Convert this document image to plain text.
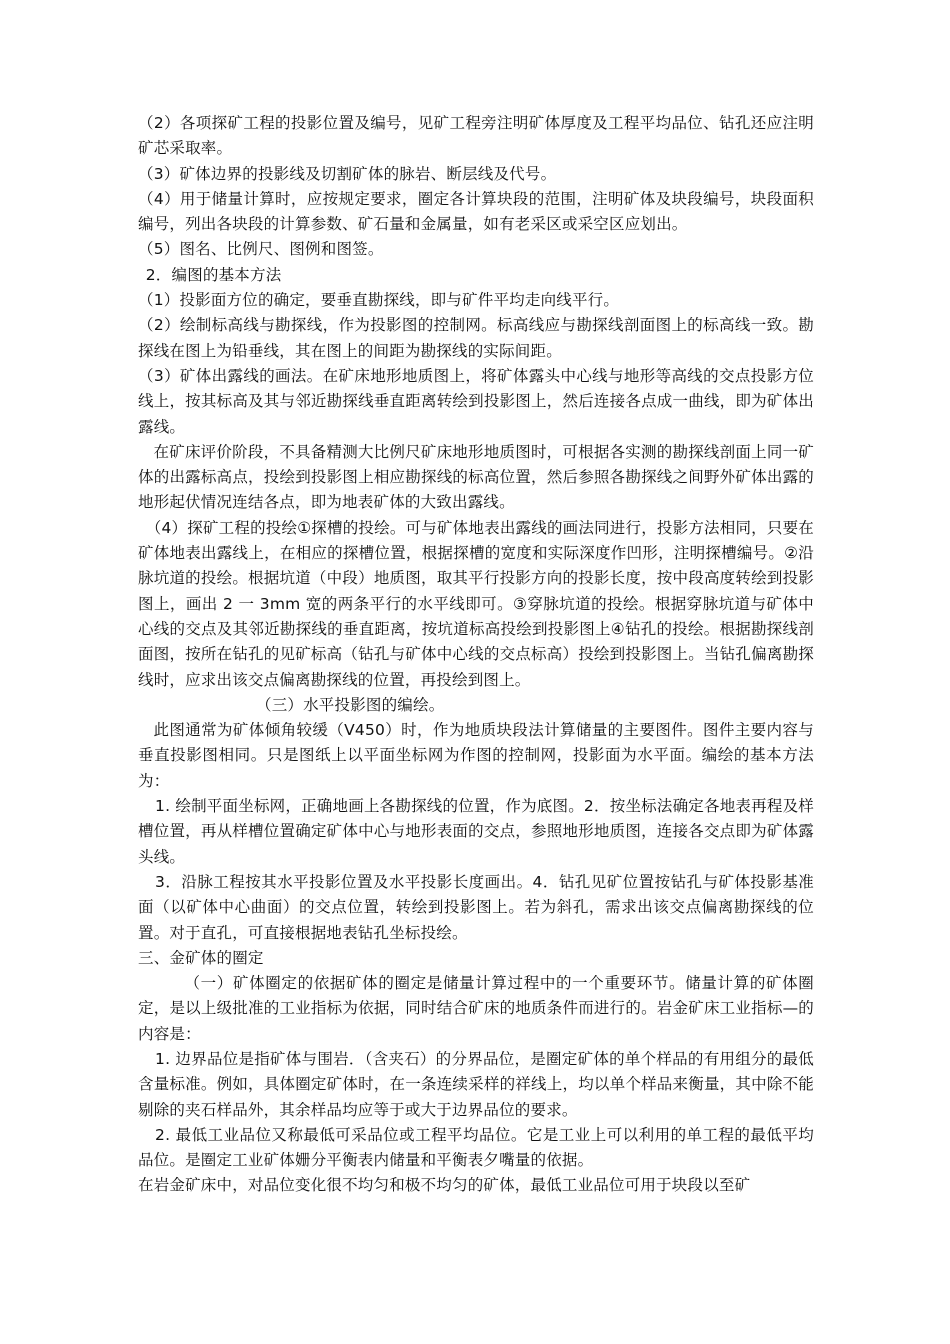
（2）各项探矿工程的投影位置及编号，见矿工程旁注明矿体厚度及工程平均品位、钻孔还应注明矿芯采取率。

（3）矿体边界的投影线及切割矿体的脉岩、断层线及代号。

（4）用于储量计算时，应按规定要求，圈定各计算块段的范围，注明矿体及块段编号，块段面积编号，列出各块段的计算参数、矿石量和金属量，如有老采区或采空区应划出。

（5）图名、比例尺、图例和图签。

2．编图的基本方法

（1）投影面方位的确定，要垂直勘探线，即与矿件平均走向线平行。

（2）绘制标高线与勘探线，作为投影图的控制网。标高线应与勘探线剖面图上的标高线一致。勘探线在图上为铅垂线，其在图上的间距为勘探线的实际间距。

（3）矿体出露线的画法。在矿床地形地质图上，将矿体露头中心线与地形等高线的交点投影方位线上，按其标高及其与邻近勘探线垂直距离转绘到投影图上，然后连接各点成一曲线，即为矿体出露线。

在矿床评价阶段，不具备精测大比例尺矿床地形地质图时，可根据各实测的勘探线剖面上同一矿体的出露标高点，投绘到投影图上相应勘探线的标高位置，然后参照各勘探线之间野外矿体出露的地形起伏情况连结各点，即为地表矿体的大致出露线。

（4）探矿工程的投绘①探槽的投绘。可与矿体地表出露线的画法同进行，投影方法相同，只要在矿体地表出露线上，在相应的探槽位置，根据探槽的宽度和实际深度作凹形，注明探槽编号。②沿脉坑道的投绘。根据坑道（中段）地质图，取其平行投影方向的投影长度，按中段高度转绘到投影图上，画出 2 一 3mm 宽的两条平行的水平线即可。③穿脉坑道的投绘。根据穿脉坑道与矿体中心线的交点及其邻近勘探线的垂直距离，按坑道标高投绘到投影图上④钻孔的投绘。根据勘探线剖面图，按所在钻孔的见矿标高（钻孔与矿体中心线的交点标高）投绘到投影图上。当钻孔偏离勘探线时，应求出该交点偏离勘探线的位置，再投绘到图上。

（三）水平投影图的编绘。

此图通常为矿体倾角较缓（V450）时，作为地质块段法计算储量的主要图件。图件主要内容与垂直投影图相同。只是图纸上以平面坐标网为作图的控制网，投影面为水平面。编绘的基本方法为：

1. 绘制平面坐标网，正确地画上各勘探线的位置，作为底图。2．按坐标法确定各地表再程及样槽位置，再从样槽位置确定矿体中心与地形表面的交点，参照地形地质图，连接各交点即为矿体露头线。

3．沿脉工程按其水平投影位置及水平投影长度画出。4．钻孔见矿位置按钻孔与矿体投影基准面（以矿体中心曲面）的交点位置，转绘到投影图上。若为斜孔，需求出该交点偏离勘探线的位置。对于直孔，可直接根据地表钻孔坐标投绘。

三、金矿体的圈定

（一）矿体圈定的依据矿体的圈定是储量计算过程中的一个重要环节。储量计算的矿体圈定，是以上级批准的工业指标为依据，同时结合矿床的地质条件而进行的。岩金矿床工业指标—的内容是：

1. 边界品位是指矿体与围岩．（含夹石）的分界品位，是圈定矿体的单个样品的有用组分的最低含量标准。例如，具体圈定矿体时，在一条连续采样的祥线上，均以单个样品来衡量，其中除不能剔除的夹石样品外，其余样品均应等于或大于边界品位的要求。

2. 最低工业品位又称最低可采品位或工程平均品位。它是工业上可以利用的单工程的最低平均品位。是圈定工业矿体姗分平衡表内储量和平衡表夕嘴量的依据。

在岩金矿床中，对品位变化很不均匀和极不均匀的矿体，最低工业品位可用于块段以至矿
